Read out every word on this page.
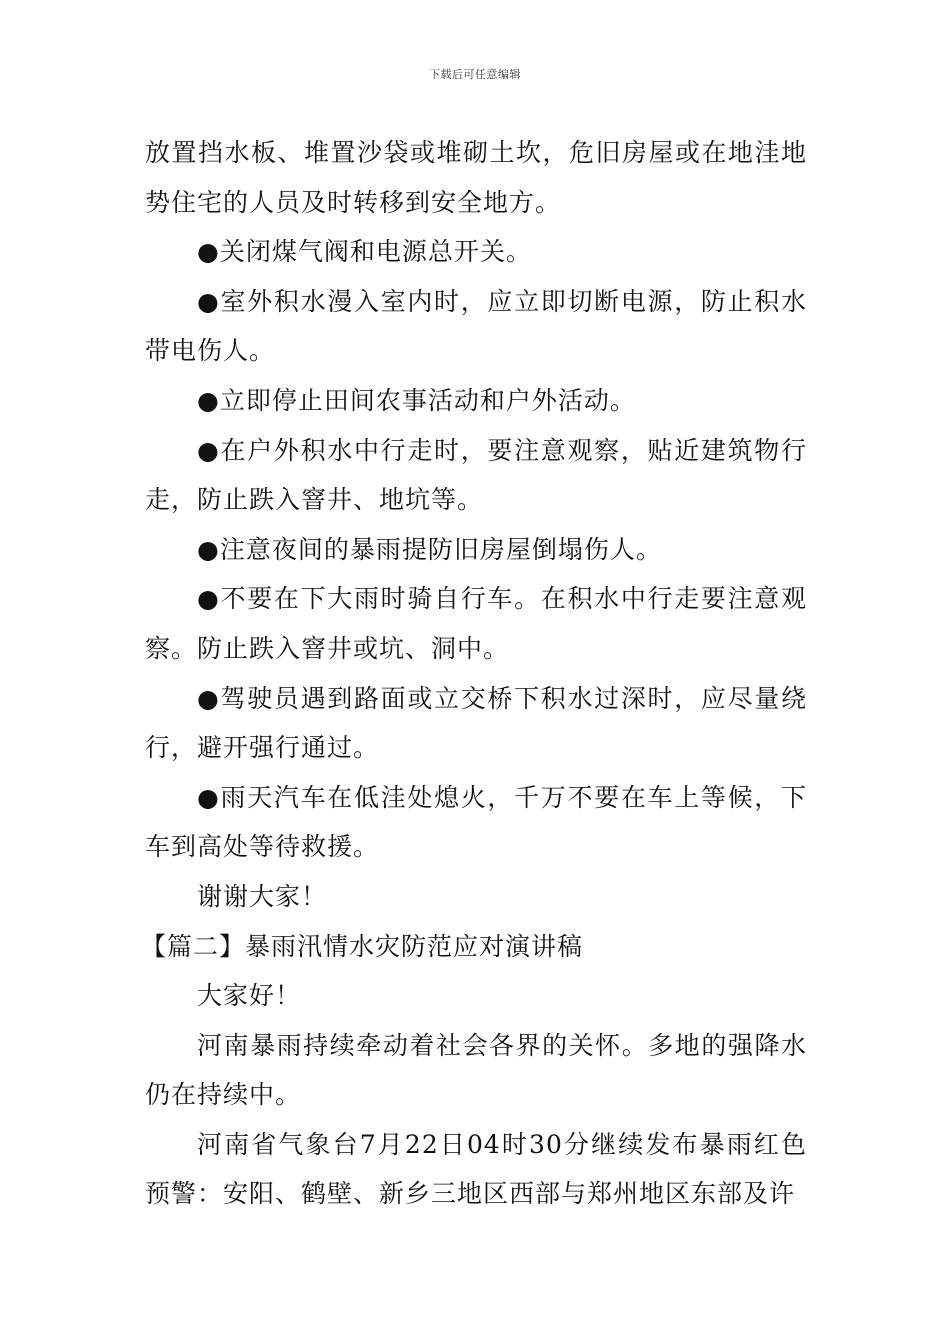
下载后可任意编辑

放置挡水板、堆置沙袋或堆砌土坎，危旧房屋或在地洼地势住宅的人员及时转移到安全地方。

●关闭煤气阀和电源总开关。

●室外积水漫入室内时，应立即切断电源，防止积水带电伤人。

●立即停止田间农事活动和户外活动。

●在户外积水中行走时，要注意观察，贴近建筑物行走，防止跌入窨井、地坑等。

●注意夜间的暴雨提防旧房屋倒塌伤人。

●不要在下大雨时骑自行车。在积水中行走要注意观察。防止跌入窨井或坑、洞中。

●驾驶员遇到路面或立交桥下积水过深时，应尽量绕行，避开强行通过。

●雨天汽车在低洼处熄火，千万不要在车上等候，下车到高处等待救援。

谢谢大家！

【篇二】暴雨汛情水灾防范应对演讲稿

大家好！

河南暴雨持续牵动着社会各界的关怀。多地的强降水仍在持续中。

河南省气象台7月22日04时30分继续发布暴雨红色预警：安阳、鹤壁、新乡三地区西部与郑州地区东部及许
